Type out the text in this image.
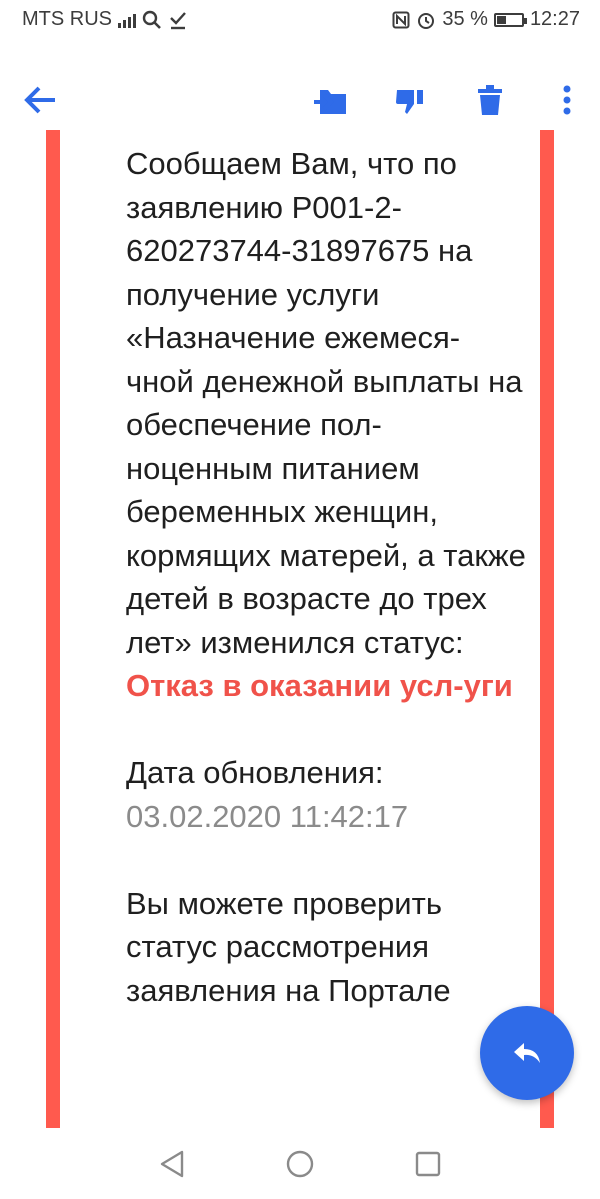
MTS RUS	35 % 12:27

Сообщаем Вам, что по заявлению P001-2-620273744-31897675 на получение услуги «Назначение ежемеся-чной денежной выплаты на обеспечение пол-ноценным питанием беременных женщин, кормящих матерей, а также детей в возрасте до трех лет» изменился статус:

Отказ в оказании усл-уги

Дата обновления:

03.02.2020 11:42:17

Вы можете проверить статус рассмотрения заявления на Портале
